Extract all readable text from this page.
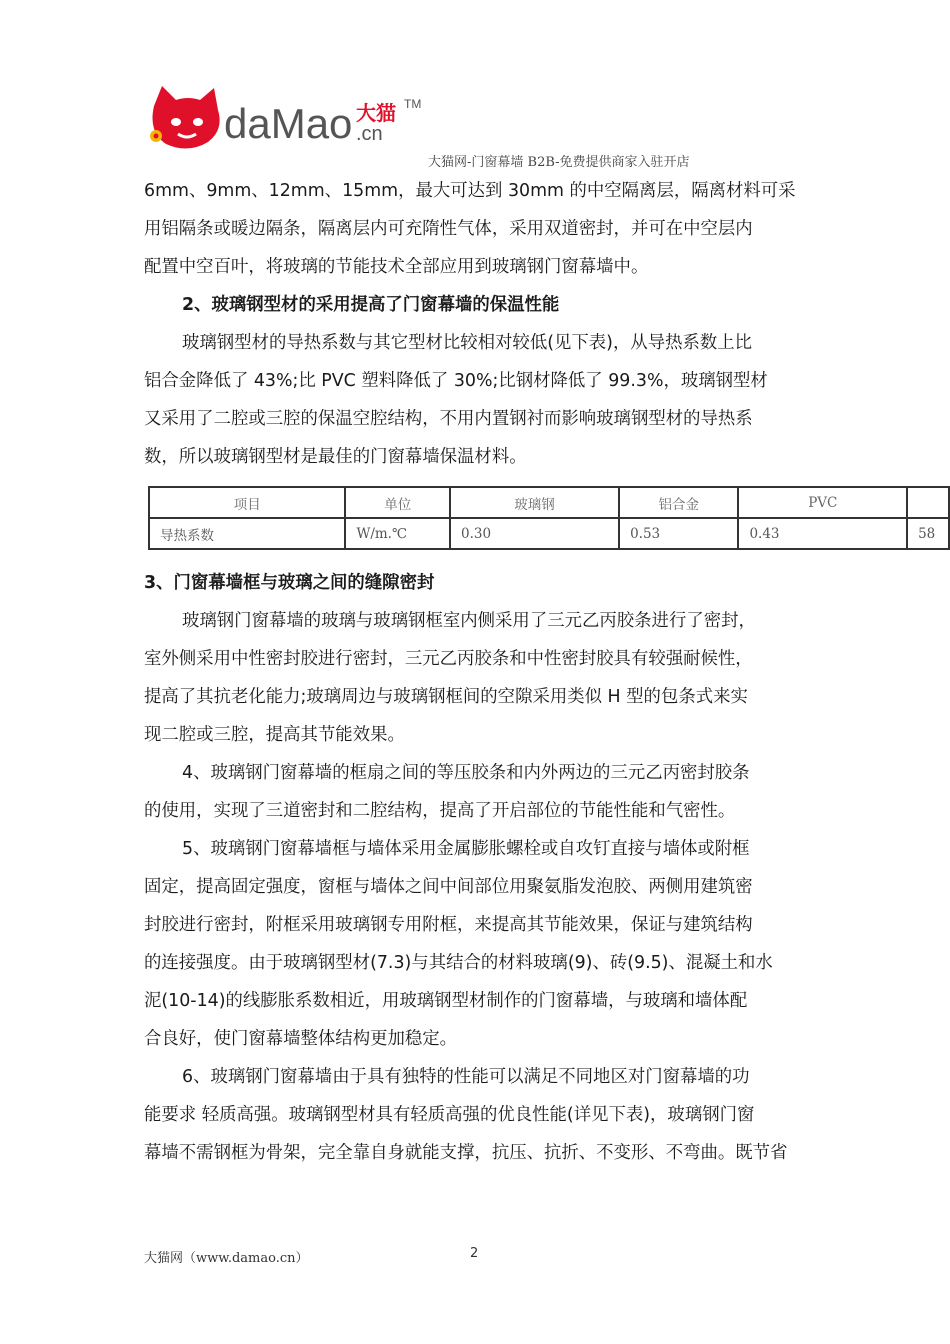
daMao 大猫
.cn
TM
大猫网-门窗幕墙 B2B-免费提供商家入驻开店
6mm、9mm、12mm、15mm，最大可达到 30mm 的中空隔离层，隔离材料可采
用铝隔条或暖边隔条，隔离层内可充隋性气体，采用双道密封，并可在中空层内
配置中空百叶，将玻璃的节能技术全部应用到玻璃钢门窗幕墙中。
2、玻璃钢型材的采用提高了门窗幕墙的保温性能
玻璃钢型材的导热系数与其它型材比较相对较低(见下表)，从导热系数上比
铝合金降低了 43%;比 PVC 塑料降低了 30%;比钢材降低了 99.3%，玻璃钢型材
又采用了二腔或三腔的保温空腔结构，不用内置钢衬而影响玻璃钢型材的导热系
数，所以玻璃钢型材是最佳的门窗幕墙保温材料。
项目	单位	玻璃钢	铝合金	PVC	
导热系数	W/m.℃	0.30	0.53	0.43	58
3、门窗幕墙框与玻璃之间的缝隙密封
玻璃钢门窗幕墙的玻璃与玻璃钢框室内侧采用了三元乙丙胶条进行了密封，
室外侧采用中性密封胶进行密封，三元乙丙胶条和中性密封胶具有较强耐候性，
提高了其抗老化能力;玻璃周边与玻璃钢框间的空隙采用类似 H 型的包条式来实
现二腔或三腔，提高其节能效果。
4、玻璃钢门窗幕墙的框扇之间的等压胶条和内外两边的三元乙丙密封胶条
的使用，实现了三道密封和二腔结构，提高了开启部位的节能性能和气密性。
5、玻璃钢门窗幕墙框与墙体采用金属膨胀螺栓或自攻钉直接与墙体或附框
固定，提高固定强度，窗框与墙体之间中间部位用聚氨脂发泡胶、两侧用建筑密
封胶进行密封，附框采用玻璃钢专用附框，来提高其节能效果，保证与建筑结构
的连接强度。由于玻璃钢型材(7.3)与其结合的材料玻璃(9)、砖(9.5)、混凝土和水
泥(10-14)的线膨胀系数相近，用玻璃钢型材制作的门窗幕墙，与玻璃和墙体配
合良好，使门窗幕墙整体结构更加稳定。
6、玻璃钢门窗幕墙由于具有独特的性能可以满足不同地区对门窗幕墙的功
能要求 轻质高强。玻璃钢型材具有轻质高强的优良性能(详见下表)，玻璃钢门窗
幕墙不需钢框为骨架，完全靠自身就能支撑，抗压、抗折、不变形、不弯曲。既节省
大猫网（www.damao.cn）	2
